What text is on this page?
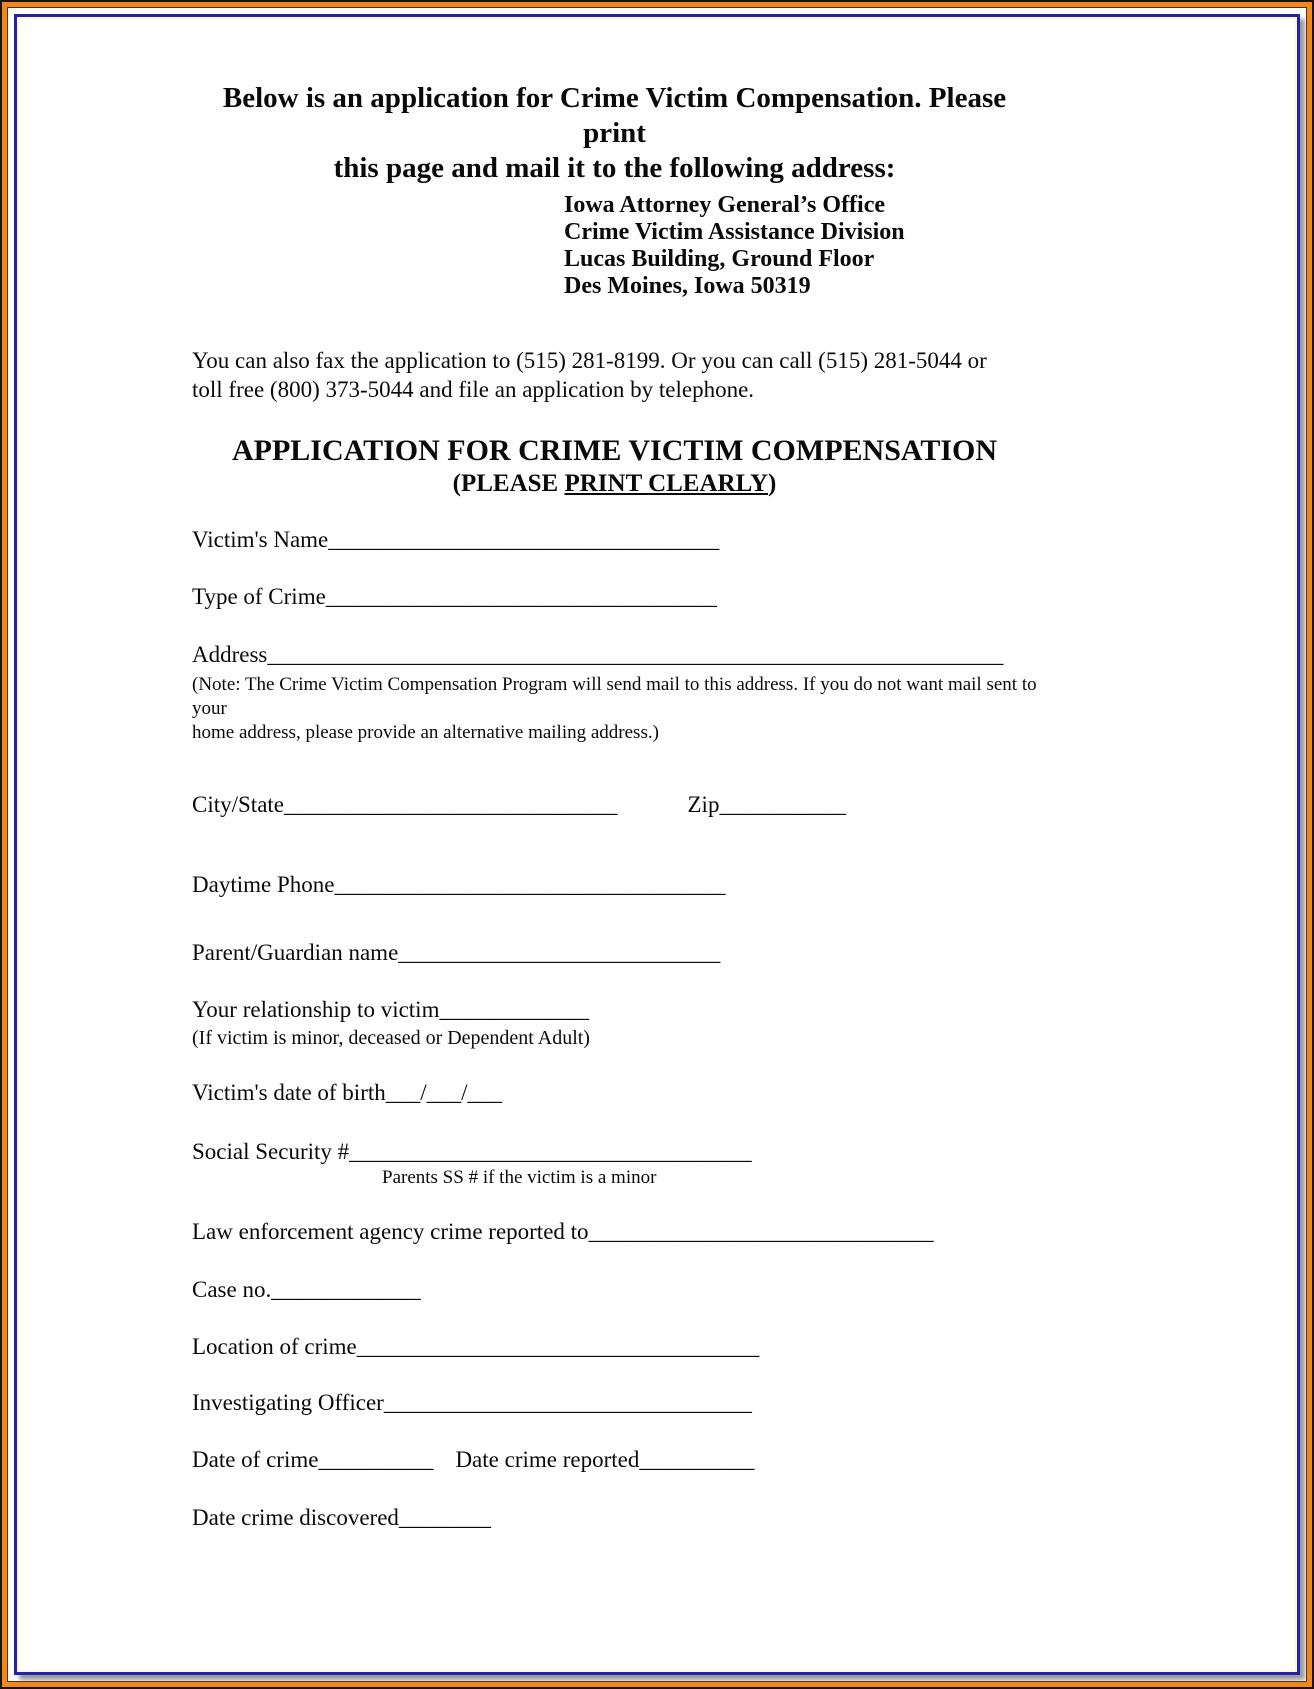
Below is an application for Crime Victim Compensation. Please print
this page and mail it to the following address:
Iowa Attorney General’s Office
Crime Victim Assistance Division
Lucas Building, Ground Floor
Des Moines, Iowa 50319
You can also fax the application to (515) 281-8199. Or you can call (515) 281-5044 or
toll free (800) 373-5044 and file an application by telephone.
APPLICATION FOR CRIME VICTIM COMPENSATION
(PLEASE PRINT CLEARLY)
Victim's Name__________________________________
Type of Crime__________________________________
Address________________________________________________________________
(Note: The Crime Victim Compensation Program will send mail to this address. If you do not want mail sent to your
home address, please provide an alternative mailing address.)
City/State_____________________________	Zip___________
Daytime Phone__________________________________
Parent/Guardian name____________________________
Your relationship to victim_____________
(If victim is minor, deceased or Dependent Adult)
Victim's date of birth___/___/___
Social Security #___________________________________
Parents SS # if the victim is a minor
Law enforcement agency crime reported to______________________________
Case no._____________
Location of crime___________________________________
Investigating Officer________________________________
Date of crime__________ Date crime reported__________
Date crime discovered________
